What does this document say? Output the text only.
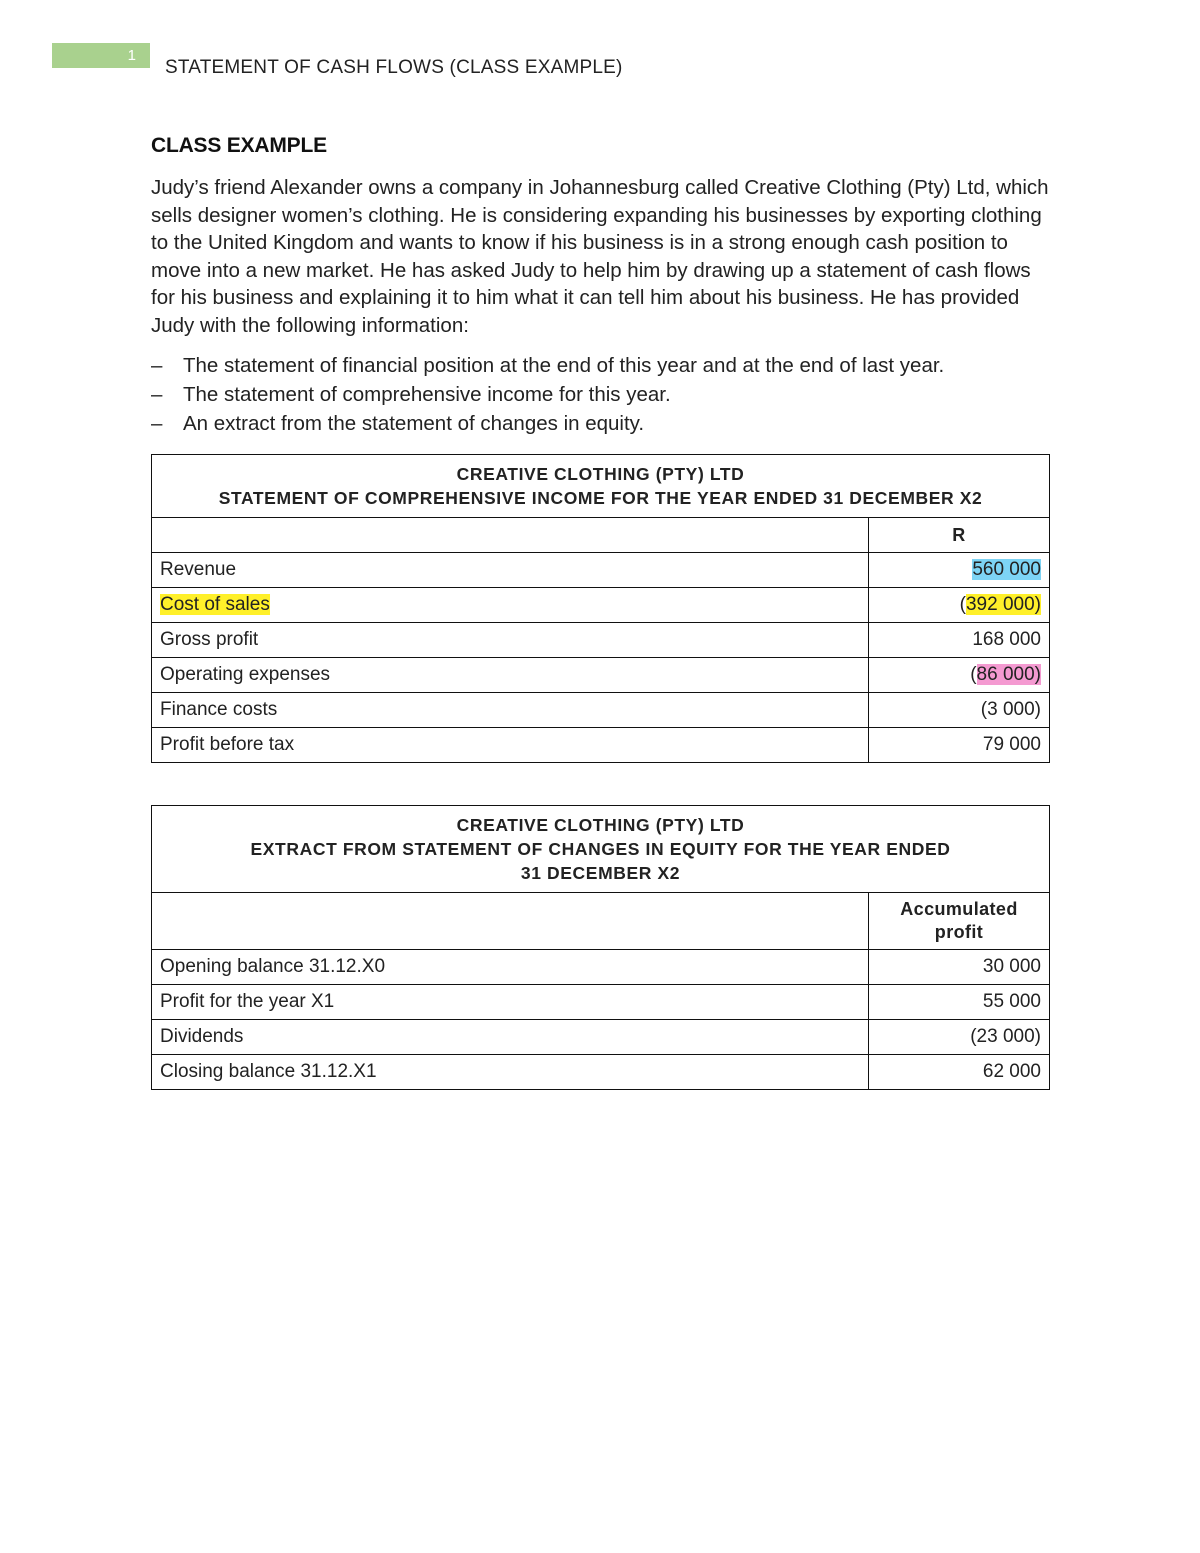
1
STATEMENT OF CASH FLOWS (CLASS EXAMPLE)
CLASS EXAMPLE

Judy’s friend Alexander owns a company in Johannesburg called Creative Clothing (Pty) Ltd, which sells designer women’s clothing. He is considering expanding his businesses by exporting clothing to the United Kingdom and wants to know if his business is in a strong enough cash position to move into a new market. He has asked Judy to help him by drawing up a statement of cash flows for his business and explaining it to him what it can tell him about his business. He has provided Judy with the following information:

– The statement of financial position at the end of this year and at the end of last year.
– The statement of comprehensive income for this year.
– An extract from the statement of changes in equity.
CREATIVE CLOTHING (PTY) LTD
STATEMENT OF COMPREHENSIVE INCOME FOR THE YEAR ENDED 31 DECEMBER X2	

	R
Revenue	560 000
Cost of sales	(392 000)
Gross profit	168 000
Operating expenses	(86 000)
Finance costs	(3 000)
Profit before tax	79 000
CREATIVE CLOTHING (PTY) LTD
EXTRACT FROM STATEMENT OF CHANGES IN EQUITY FOR THE YEAR ENDED
31 DECEMBER X2	

	Accumulated
profit

Opening balance 31.12.X0	30 000
Profit for the year X1	55 000
Dividends	(23 000)
Closing balance 31.12.X1	62 000
